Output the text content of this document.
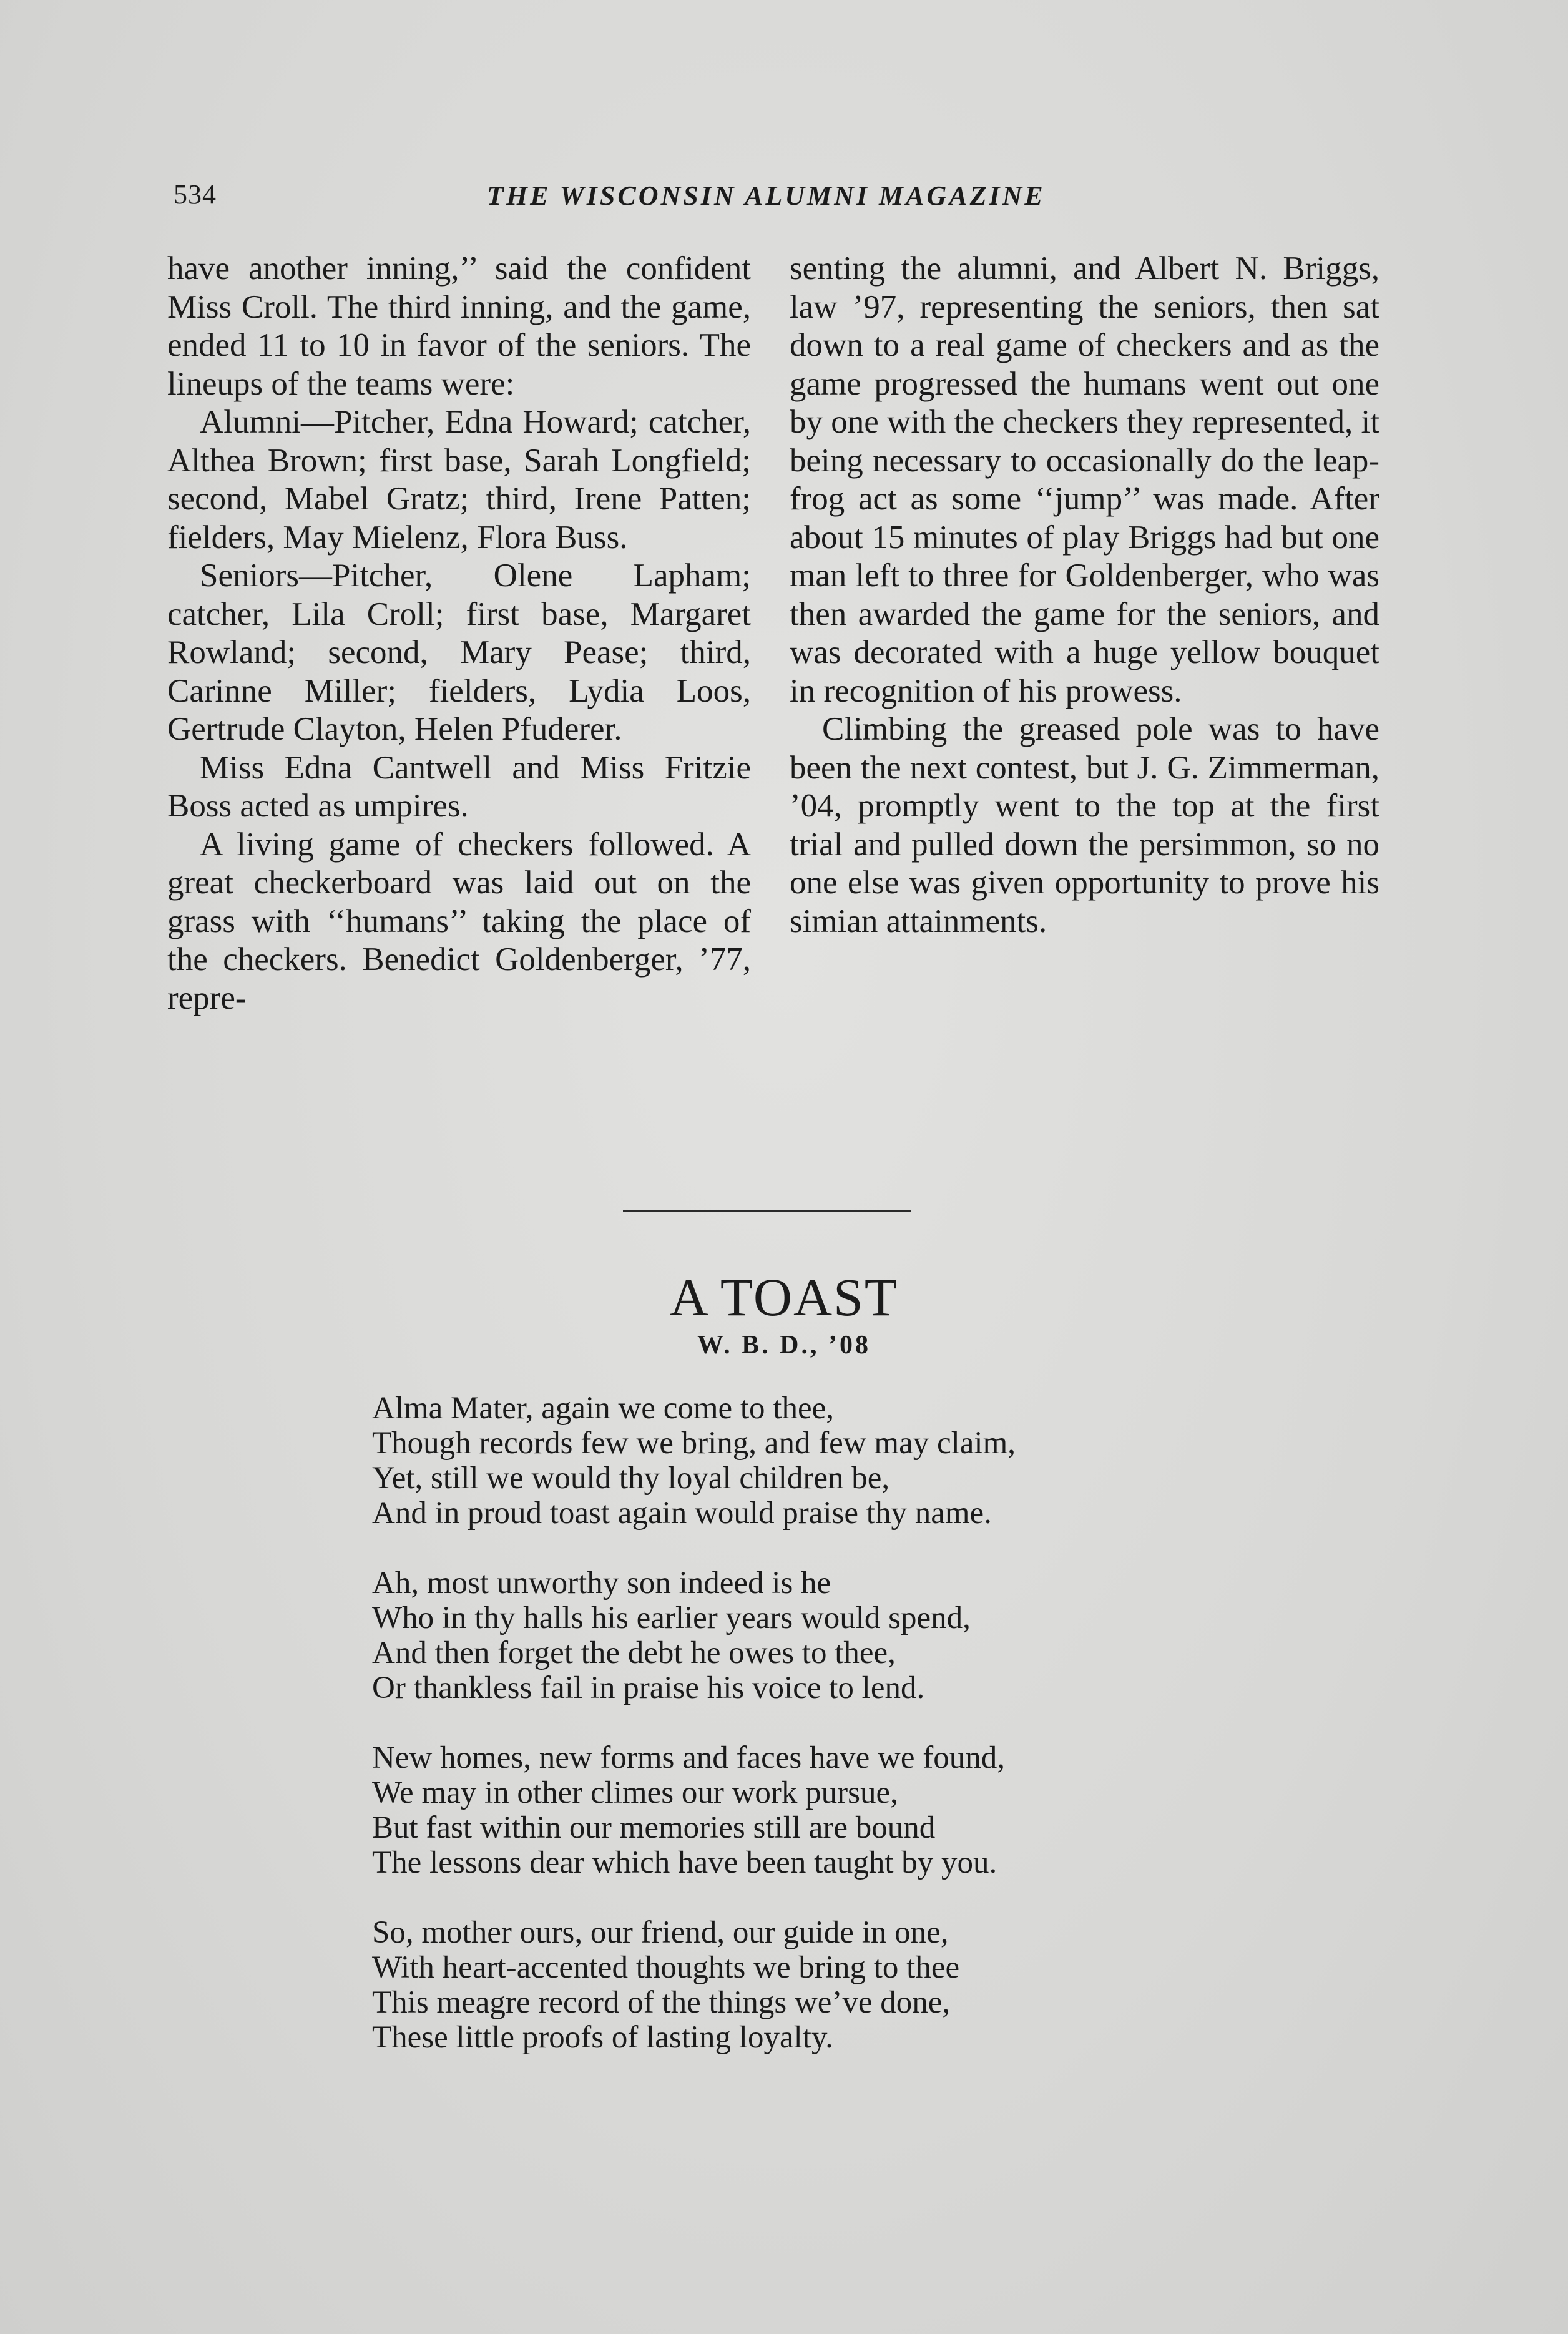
534	THE WISCONSIN ALUMNI MAGAZINE

have another inning,’’ said the confident Miss Croll. The third inning, and the game, ended 11 to 10 in favor of the seniors. The lineups of the teams were:

Alumni—Pitcher, Edna Howard; catcher, Althea Brown; first base, Sarah Longfield; second, Mabel Gratz; third, Irene Patten; fielders, May Mielenz, Flora Buss.

Seniors—Pitcher, Olene Lapham; catcher, Lila Croll; first base, Margaret Rowland; second, Mary Pease; third, Carinne Miller; fielders, Lydia Loos, Gertrude Clayton, Helen Pfuderer.

Miss Edna Cantwell and Miss Fritzie Boss acted as umpires.

A living game of checkers followed. A great checkerboard was laid out on the grass with ‘‘humans’’ taking the place of the checkers. Benedict Goldenberger, ’77, repre-

senting the alumni, and Albert N. Briggs, law ’97, representing the seniors, then sat down to a real game of checkers and as the game progressed the humans went out one by one with the checkers they represented, it being necessary to occasionally do the leap-frog act as some ‘‘jump’’ was made. After about 15 minutes of play Briggs had but one man left to three for Goldenberger, who was then awarded the game for the seniors, and was decorated with a huge yellow bouquet in recognition of his prowess.

Climbing the greased pole was to have been the next contest, but J. G. Zimmerman, ’04, promptly went to the top at the first trial and pulled down the persimmon, so no one else was given opportunity to prove his simian attainments.

A TOAST
W. B. D., ’08
Alma Mater, again we come to thee,
Though records few we bring, and few may claim,
Yet, still we would thy loyal children be,
And in proud toast again would praise thy name.
Ah, most unworthy son indeed is he
Who in thy halls his earlier years would spend,
And then forget the debt he owes to thee,
Or thankless fail in praise his voice to lend.
New homes, new forms and faces have we found,
We may in other climes our work pursue,
But fast within our memories still are bound
The lessons dear which have been taught by you.
So, mother ours, our friend, our guide in one,
With heart-accented thoughts we bring to thee
This meagre record of the things we’ve done,
These little proofs of lasting loyalty.
